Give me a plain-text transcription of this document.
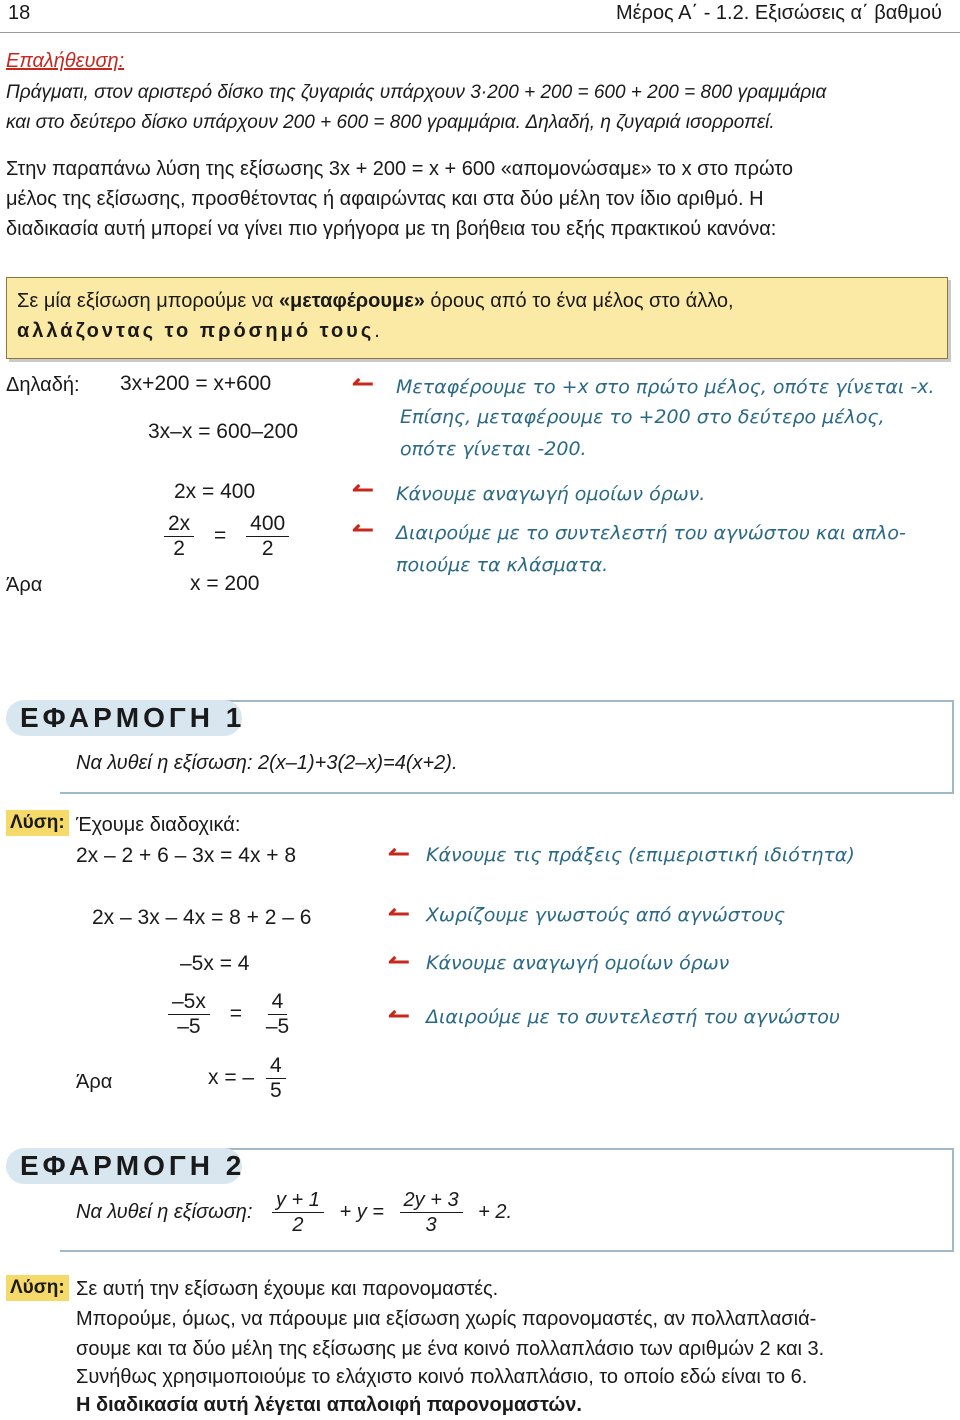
18	Μέρος Α΄ - 1.2. Εξισώσεις α΄ βαθμού
Επαλήθευση:
Πράγματι, στον αριστερό δίσκο της ζυγαριάς υπάρχουν 3·200 + 200 = 600 + 200 = 800 γραμμάρια
και στο δεύτερο δίσκο υπάρχουν 200 + 600 = 800 γραμμάρια. Δηλαδή, η ζυγαριά ισορροπεί.
Στην παραπάνω λύση της εξίσωσης 3x + 200 = x + 600 «απομονώσαμε» το x στο πρώτο
μέλος της εξίσωσης, προσθέτοντας ή αφαιρώντας και στα δύο μέλη τον ίδιο αριθμό. Η
διαδικασία αυτή μπορεί να γίνει πιο γρήγορα με τη βοήθεια του εξής πρακτικού κανόνα:
Σε μία εξίσωση μπορούμε να «μεταφέρουμε» όρους από το ένα μέλος στο άλλο,
αλλάζοντας το πρόσημό τους.
Δηλαδή: 3x+200 = x+600
3x–x = 600–200
2x = 400
$\frac{2x}{2} = \frac{400}{2}$
Άρα	x = 200
↼ Μεταφέρουμε το +x στο πρώτο μέλος, οπότε γίνεται -x.
Επίσης, μεταφέρουμε το +200 στο δεύτερο μέλος,
οπότε γίνεται -200.
↼ Κάνουμε αναγωγή ομοίων όρων.
↼ Διαιρούμε με το συντελεστή του αγνώστου και απλο-
ποιούμε τα κλάσματα.
ΕΦΑΡΜΟΓΗ 1
Να λυθεί η εξίσωση: 2(x–1)+3(2–x)=4(x+2).
Λύση: Έχουμε διαδοχικά:
2x – 2 + 6 – 3x = 4x + 8
2x – 3x – 4x = 8 + 2 – 6
–5x = 4
$\frac{-5x}{-5} = \frac{4}{-5}$
Άρα	x = – $\frac{4}{5}$
↼ Κάνουμε τις πράξεις (επιμεριστική ιδιότητα)
↼ Χωρίζουμε γνωστούς από αγνώστους
↼ Κάνουμε αναγωγή ομοίων όρων
↼ Διαιρούμε με το συντελεστή του αγνώστου
ΕΦΑΡΜΟΓΗ 2
Να λυθεί η εξίσωση: $\frac{y + 1}{2} + y = \frac{2y + 3}{3} + 2$.
Λύση: Σε αυτή την εξίσωση έχουμε και παρονομαστές.
Μπορούμε, όμως, να πάρουμε μια εξίσωση χωρίς παρονομαστές, αν πολλαπλασιά-
σουμε και τα δύο μέλη της εξίσωσης με ένα κοινό πολλαπλάσιο των αριθμών 2 και 3.
Συνήθως χρησιμοποιούμε το ελάχιστο κοινό πολλαπλάσιο, το οποίο εδώ είναι το 6.
Η διαδικασία αυτή λέγεται απαλοιφή παρονομαστών.
